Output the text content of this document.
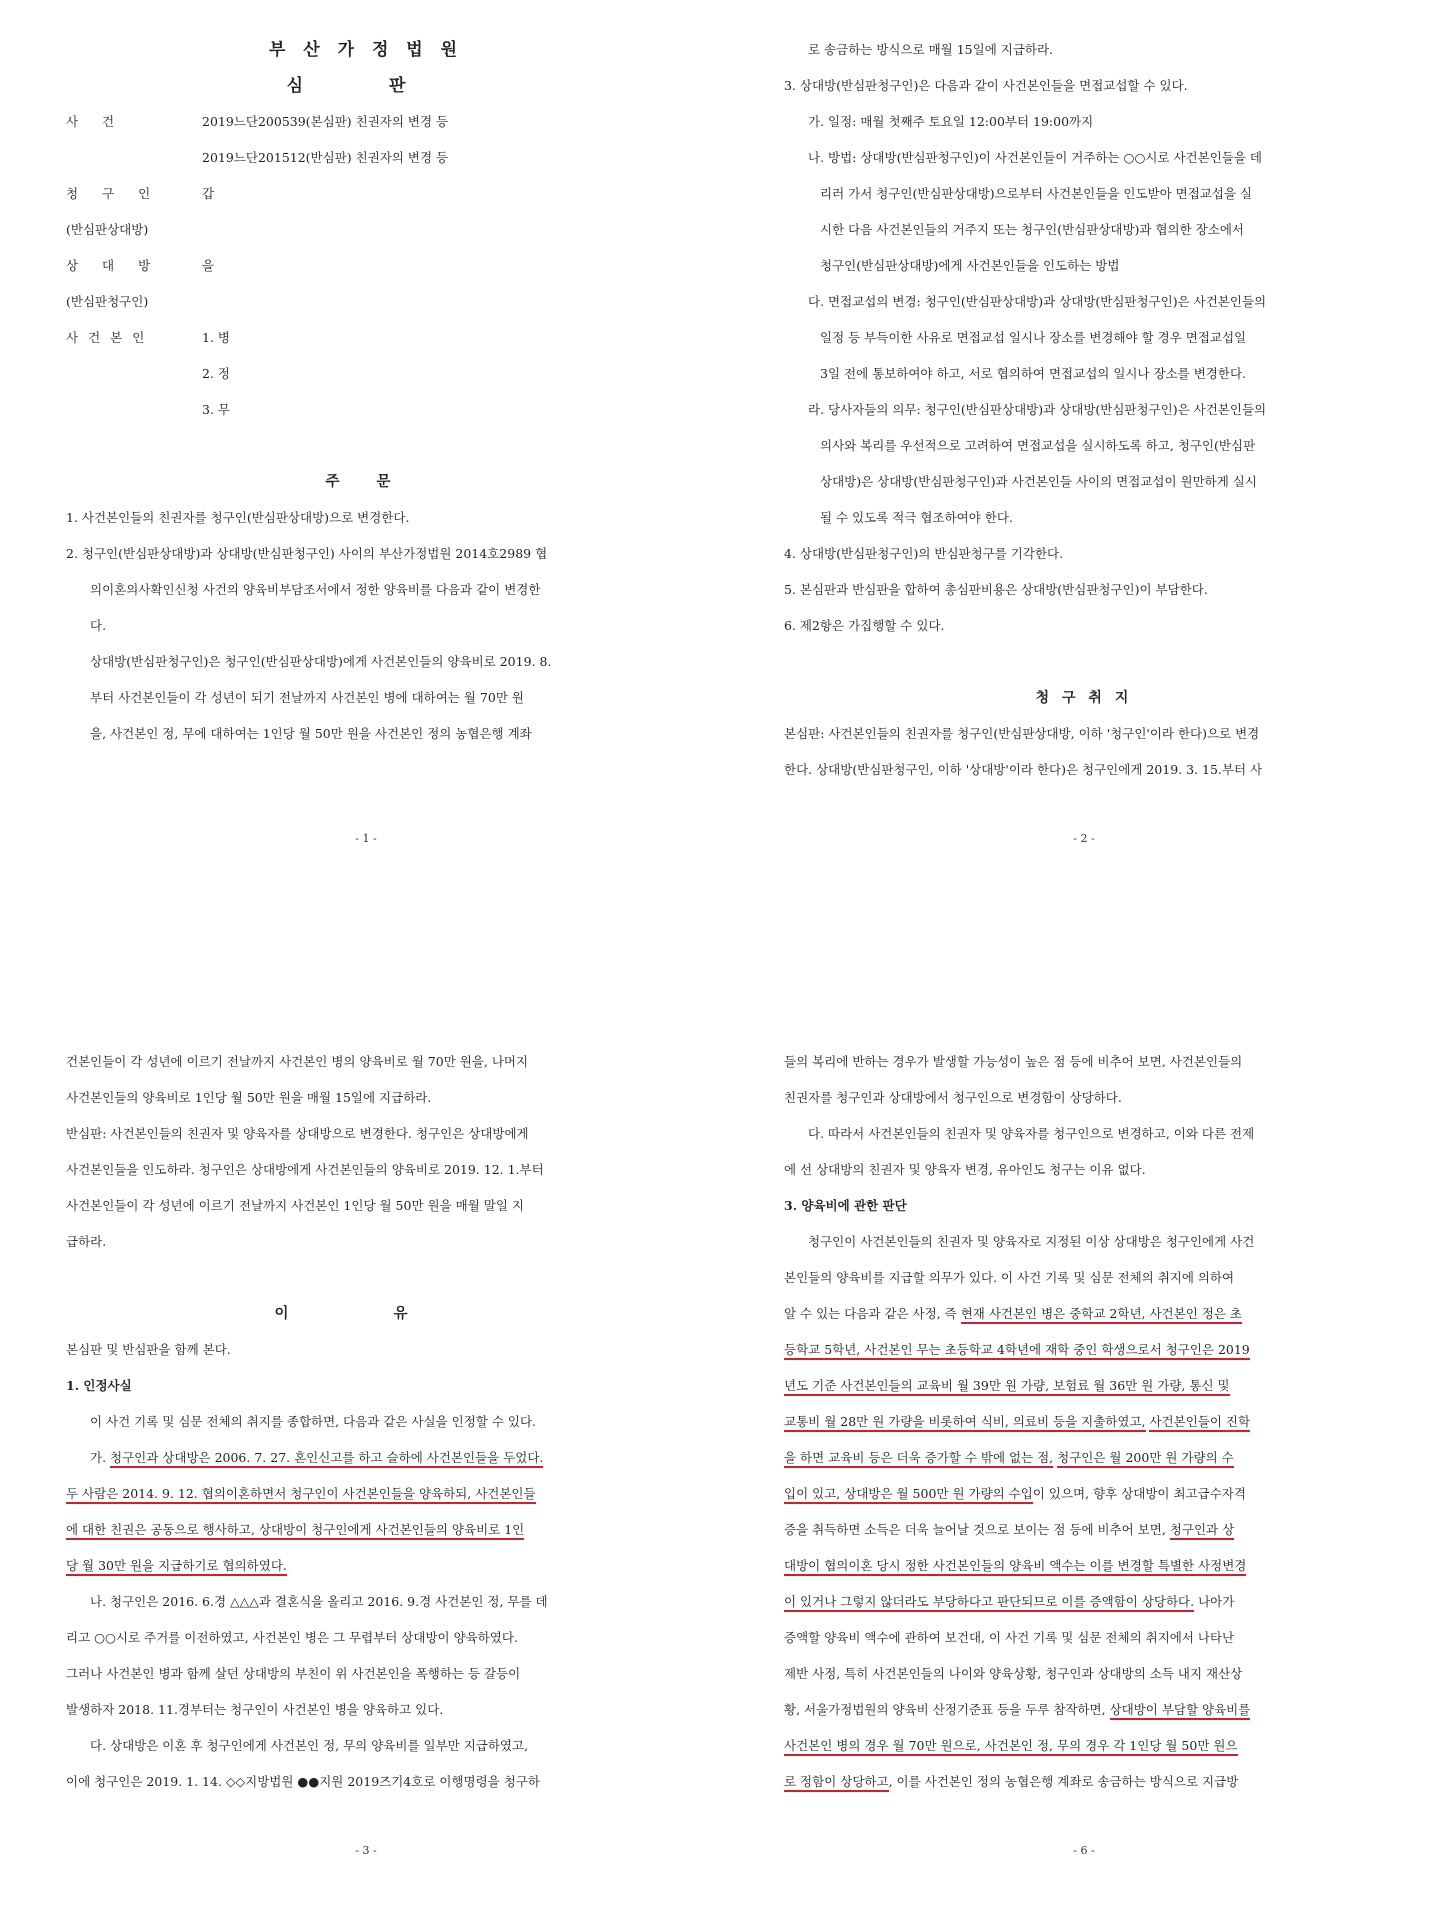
부 산 가 정 법 원
심 판
사 건	2019느단200539(본심판) 친권자의 변경 등
2019느단201512(반심판) 친권자의 변경 등
청 구 인	갑
(반심판상대방)
상 대 방	을
(반심판청구인)
사건본인	1. 병
2. 정
3. 무
주 문
1. 사건본인들의 친권자를 청구인(반심판상대방)으로 변경한다.
2. 청구인(반심판상대방)과 상대방(반심판청구인) 사이의 부산가정법원 2014호2989 협
의이혼의사확인신청 사건의 양육비부담조서에서 정한 양육비를 다음과 같이 변경한
다.
상대방(반심판청구인)은 청구인(반심판상대방)에게 사건본인들의 양육비로 2019. 8.
부터 사건본인들이 각 성년이 되기 전날까지 사건본인 병에 대하여는 월 70만 원
을, 사건본인 정, 무에 대하여는 1인당 월 50만 원을 사건본인 정의 농협은행 계좌
- 1 -
로 송금하는 방식으로 매월 15일에 지급하라.
3. 상대방(반심판청구인)은 다음과 같이 사건본인들을 면접교섭할 수 있다.
가. 일정: 매월 첫째주 토요일 12:00부터 19:00까지
나. 방법: 상대방(반심판청구인)이 사건본인들이 거주하는 ○○시로 사건본인들을 데
리러 가서 청구인(반심판상대방)으로부터 사건본인들을 인도받아 면접교섭을 실
시한 다음 사건본인들의 거주지 또는 청구인(반심판상대방)과 협의한 장소에서
청구인(반심판상대방)에게 사건본인들을 인도하는 방법
다. 면접교섭의 변경: 청구인(반심판상대방)과 상대방(반심판청구인)은 사건본인들의
일정 등 부득이한 사유로 면접교섭 일시나 장소를 변경해야 할 경우 면접교섭일
3일 전에 통보하여야 하고, 서로 협의하여 면접교섭의 일시나 장소를 변경한다.
라. 당사자들의 의무: 청구인(반심판상대방)과 상대방(반심판청구인)은 사건본인들의
의사와 복리를 우선적으로 고려하여 면접교섭을 실시하도록 하고, 청구인(반심판
상대방)은 상대방(반심판청구인)과 사건본인들 사이의 면접교섭이 원만하게 실시
될 수 있도록 적극 협조하여야 한다.
4. 상대방(반심판청구인)의 반심판청구를 기각한다.
5. 본심판과 반심판을 합하여 총심판비용은 상대방(반심판청구인)이 부담한다.
6. 제2항은 가집행할 수 있다.
청 구 취 지
본심판: 사건본인들의 친권자를 청구인(반심판상대방, 이하 '청구인'이라 한다)으로 변경
한다. 상대방(반심판청구인, 이하 '상대방'이라 한다)은 청구인에게 2019. 3. 15.부터 사
- 2 -
건본인들이 각 성년에 이르기 전날까지 사건본인 병의 양육비로 월 70만 원을, 나머지
사건본인들의 양육비로 1인당 월 50만 원을 매월 15일에 지급하라.
반심판: 사건본인들의 친권자 및 양육자를 상대방으로 변경한다. 청구인은 상대방에게
사건본인들을 인도하라. 청구인은 상대방에게 사건본인들의 양육비로 2019. 12. 1.부터
사건본인들이 각 성년에 이르기 전날까지 사건본인 1인당 월 50만 원을 매월 말일 지
급하라.
이 유
본심판 및 반심판을 함께 본다.
1. 인정사실
이 사건 기록 및 심문 전체의 취지를 종합하면, 다음과 같은 사실을 인정할 수 있다.
가. 청구인과 상대방은 2006. 7. 27. 혼인신고를 하고 슬하에 사건본인들을 두었다.
두 사람은 2014. 9. 12. 협의이혼하면서 청구인이 사건본인들을 양육하되, 사건본인들
에 대한 친권은 공동으로 행사하고, 상대방이 청구인에게 사건본인들의 양육비로 1인
당 월 30만 원을 지급하기로 협의하였다.
나. 청구인은 2016. 6.경 △△△과 결혼식을 올리고 2016. 9.경 사건본인 정, 무를 데
리고 ○○시로 주거를 이전하였고, 사건본인 병은 그 무렵부터 상대방이 양육하였다.
그러나 사건본인 병과 함께 살던 상대방의 부친이 위 사건본인을 폭행하는 등 갈등이
발생하자 2018. 11.경부터는 청구인이 사건본인 병을 양육하고 있다.
다. 상대방은 이혼 후 청구인에게 사건본인 정, 무의 양육비를 일부만 지급하였고,
이에 청구인은 2019. 1. 14. ◇◇지방법원 ●●지원 2019즈기4호로 이행명령을 청구하
- 3 -
들의 복리에 반하는 경우가 발생할 가능성이 높은 점 등에 비추어 보면, 사건본인들의
친권자를 청구인과 상대방에서 청구인으로 변경함이 상당하다.
다. 따라서 사건본인들의 친권자 및 양육자를 청구인으로 변경하고, 이와 다른 전제
에 선 상대방의 친권자 및 양육자 변경, 유아인도 청구는 이유 없다.
3. 양육비에 관한 판단
청구인이 사건본인들의 친권자 및 양육자로 지정된 이상 상대방은 청구인에게 사건
본인들의 양육비를 지급할 의무가 있다. 이 사건 기록 및 심문 전체의 취지에 의하여
알 수 있는 다음과 같은 사정, 즉 현재 사건본인 병은 중학교 2학년, 사건본인 정은 초
등학교 5학년, 사건본인 무는 초등학교 4학년에 재학 중인 학생으로서 청구인은 2019
년도 기준 사건본인들의 교육비 월 39만 원 가량, 보험료 월 36만 원 가량, 통신 및
교통비 월 28만 원 가량을 비롯하여 식비, 의료비 등을 지출하였고, 사건본인들이 진학
을 하면 교육비 등은 더욱 증가할 수 밖에 없는 점, 청구인은 월 200만 원 가량의 수
입이 있고, 상대방은 월 500만 원 가량의 수입이 있으며, 향후 상대방이 최고급수자격
증을 취득하면 소득은 더욱 늘어날 것으로 보이는 점 등에 비추어 보면, 청구인과 상
대방이 협의이혼 당시 정한 사건본인들의 양육비 액수는 이를 변경할 특별한 사정변경
이 있거나 그렇지 않더라도 부당하다고 판단되므로 이를 증액함이 상당하다. 나아가
증액할 양육비 액수에 관하여 보건대, 이 사건 기록 및 심문 전체의 취지에서 나타난
제반 사정, 특히 사건본인들의 나이와 양육상황, 청구인과 상대방의 소득 내지 재산상
황, 서울가정법원의 양육비 산정기준표 등을 두루 참작하면, 상대방이 부담할 양육비를
사건본인 병의 경우 월 70만 원으로, 사건본인 정, 무의 경우 각 1인당 월 50만 원으
로 정함이 상당하고, 이를 사건본인 정의 농협은행 계좌로 송금하는 방식으로 지급방
- 6 -
